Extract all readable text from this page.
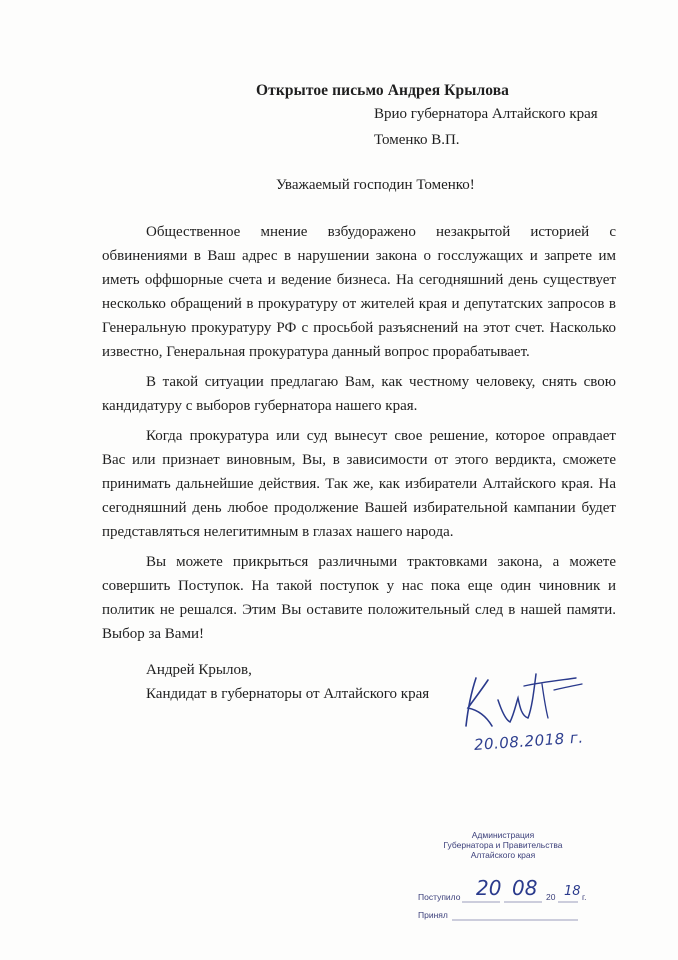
Открытое письмо Андрея Крылова
Врио губернатора Алтайского края
Томенко В.П.
Уважаемый господин Томенко!

Общественное мнение взбудоражено незакрытой историей с обвинениями в Ваш адрес в нарушении закона о госслужащих и запрете им иметь оффшорные счета и ведение бизнеса. На сегодняшний день существует несколько обращений в прокуратуру от жителей края и депутатских запросов в Генеральную прокуратуру РФ с просьбой разъяснений на этот счет. Насколько известно, Генеральная прокуратура данный вопрос прорабатывает.

В такой ситуации предлагаю Вам, как честному человеку, снять свою кандидатуру с выборов губернатора нашего края.

Когда прокуратура или суд вынесут свое решение, которое оправдает Вас или признает виновным, Вы, в зависимости от этого вердикта, сможете принимать дальнейшие действия. Так же, как избиратели Алтайского края. На сегодняшний день любое продолжение Вашей избирательной кампании будет представляться нелегитимным в глазах нашего народа.

Вы можете прикрыться различными трактовками закона, а можете совершить Поступок. На такой поступок у нас пока еще один чиновник и политик не решался. Этим Вы оставите положительный след в нашей памяти. Выбор за Вами!

Андрей Крылов,
Кандидат в губернаторы от Алтайского края
20.08.2018 г.
Администрация
Губернатора и Правительства
Алтайского края
Поступило	20
Принял
20 08 18 г.
